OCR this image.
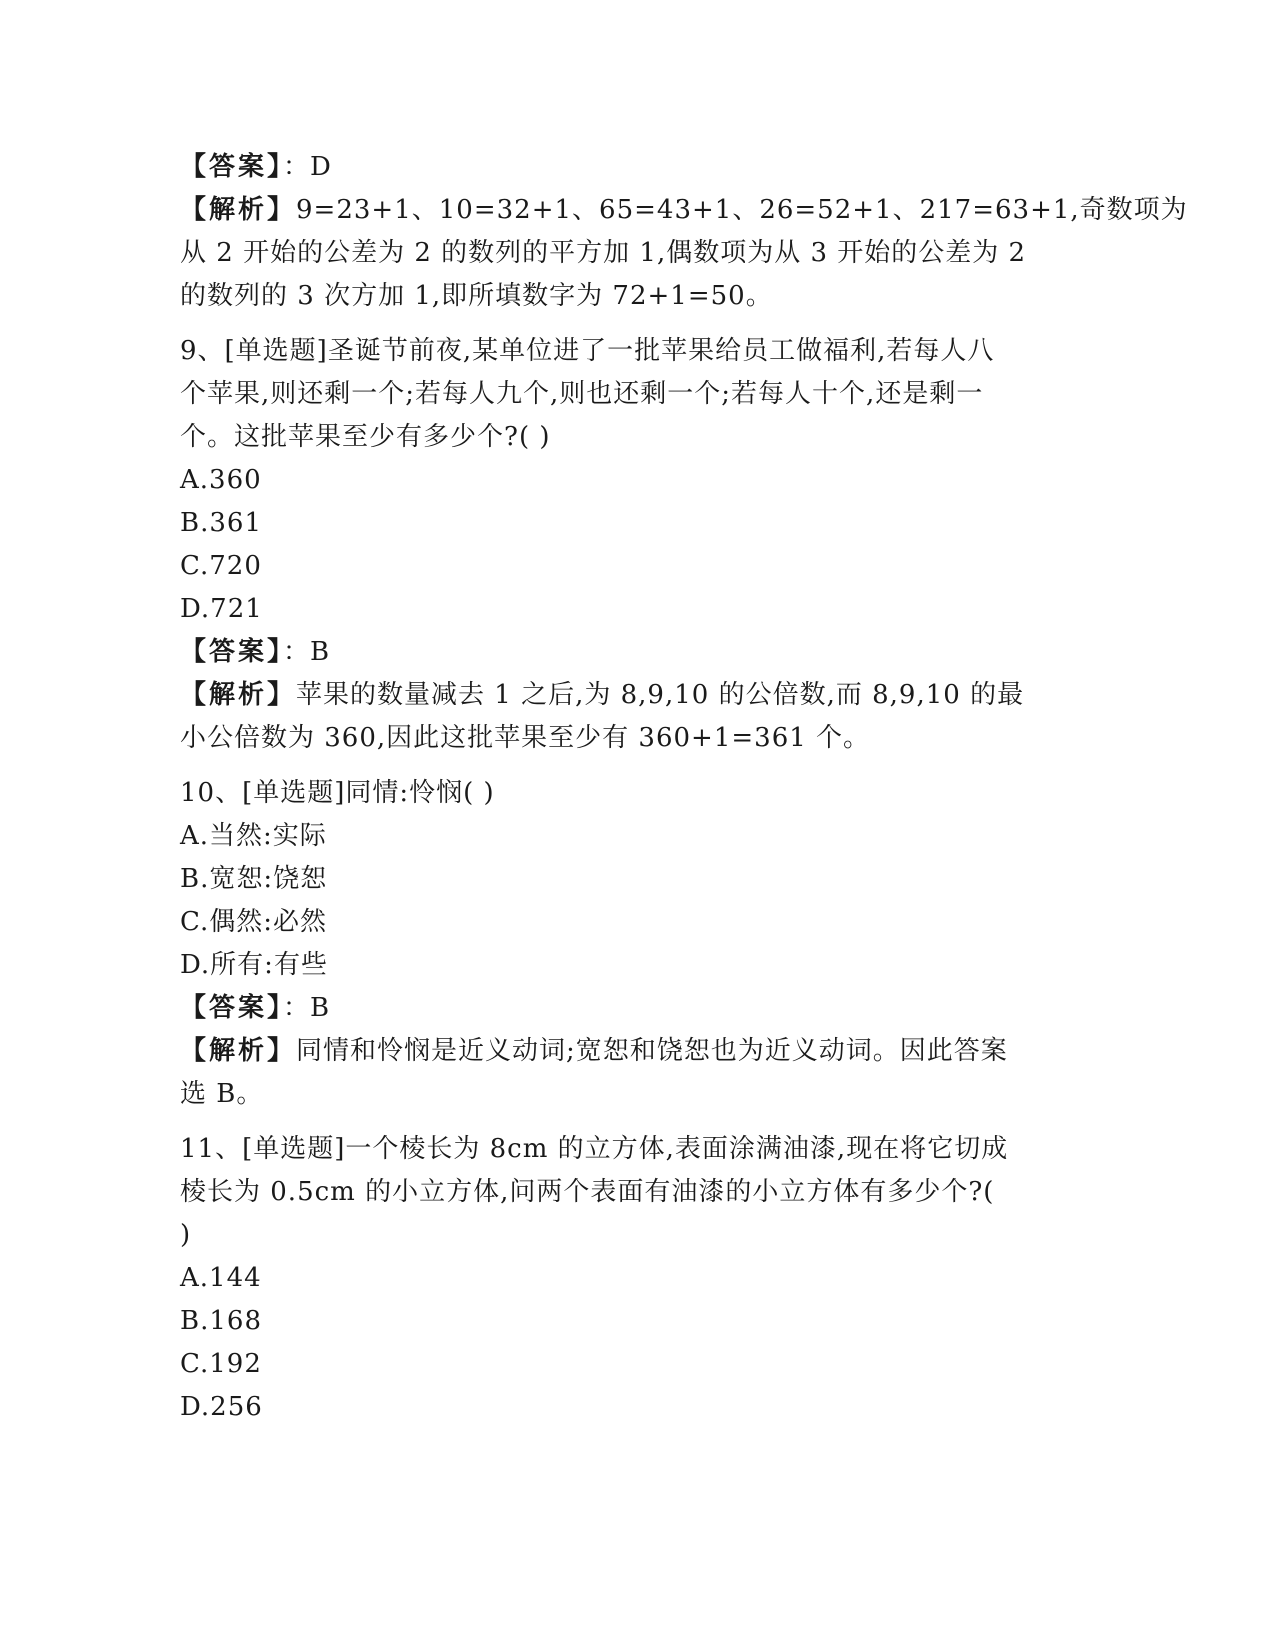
【答案】：D
【解析】9=23+1、10=32+1、65=43+1、26=52+1、217=63+1,奇数项为
从 2 开始的公差为 2 的数列的平方加 1,偶数项为从 3 开始的公差为 2
的数列的 3 次方加 1,即所填数字为 72+1=50。
9、[单选题]圣诞节前夜,某单位进了一批苹果给员工做福利,若每人八
个苹果,则还剩一个;若每人九个,则也还剩一个;若每人十个,还是剩一
个。这批苹果至少有多少个?( )
A.360
B.361
C.720
D.721
【答案】：B
【解析】苹果的数量减去 1 之后,为 8,9,10 的公倍数,而 8,9,10 的最
小公倍数为 360,因此这批苹果至少有 360+1=361 个。
10、[单选题]同情:怜悯( )
A.当然:实际
B.宽恕:饶恕
C.偶然:必然
D.所有:有些
【答案】：B
【解析】同情和怜悯是近义动词;宽恕和饶恕也为近义动词。因此答案
选 B。
11、[单选题]一个棱长为 8cm 的立方体,表面涂满油漆,现在将它切成
棱长为 0.5cm 的小立方体,问两个表面有油漆的小立方体有多少个?(
)
A.144
B.168
C.192
D.256
